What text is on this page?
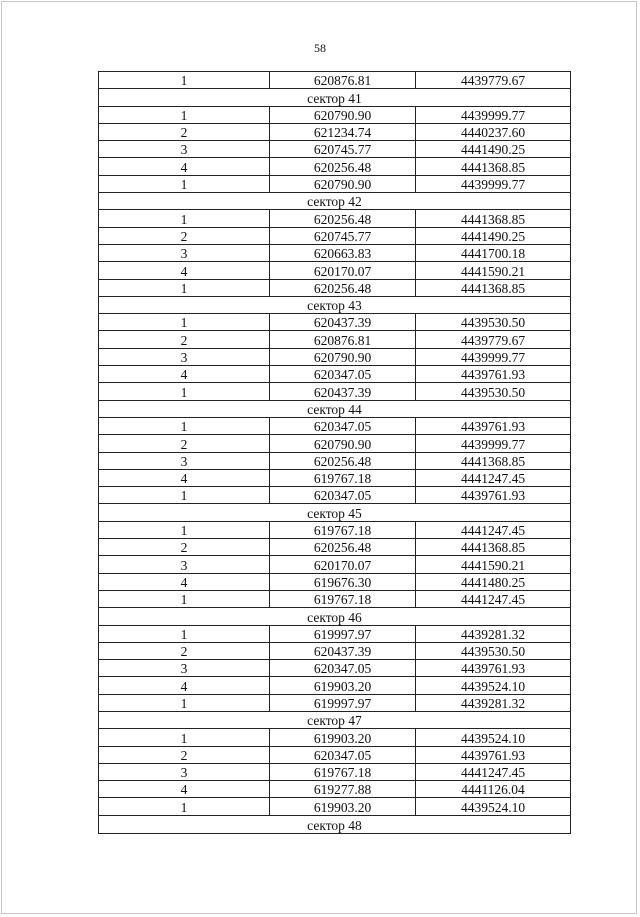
58
1	620876.81	4439779.67
сектор 41		
1	620790.90	4439999.77
2	621234.74	4440237.60
3	620745.77	4441490.25
4	620256.48	4441368.85
1	620790.90	4439999.77
сектор 42		
1	620256.48	4441368.85
2	620745.77	4441490.25
3	620663.83	4441700.18
4	620170.07	4441590.21
1	620256.48	4441368.85
сектор 43		
1	620437.39	4439530.50
2	620876.81	4439779.67
3	620790.90	4439999.77
4	620347.05	4439761.93
1	620437.39	4439530.50
сектор 44		
1	620347.05	4439761.93
2	620790.90	4439999.77
3	620256.48	4441368.85
4	619767.18	4441247.45
1	620347.05	4439761.93
сектор 45		
1	619767.18	4441247.45
2	620256.48	4441368.85
3	620170.07	4441590.21
4	619676.30	4441480.25
1	619767.18	4441247.45
сектор 46		
1	619997.97	4439281.32
2	620437.39	4439530.50
3	620347.05	4439761.93
4	619903.20	4439524.10
1	619997.97	4439281.32
сектор 47		
1	619903.20	4439524.10
2	620347.05	4439761.93
3	619767.18	4441247.45
4	619277.88	4441126.04
1	619903.20	4439524.10
сектор 48		
